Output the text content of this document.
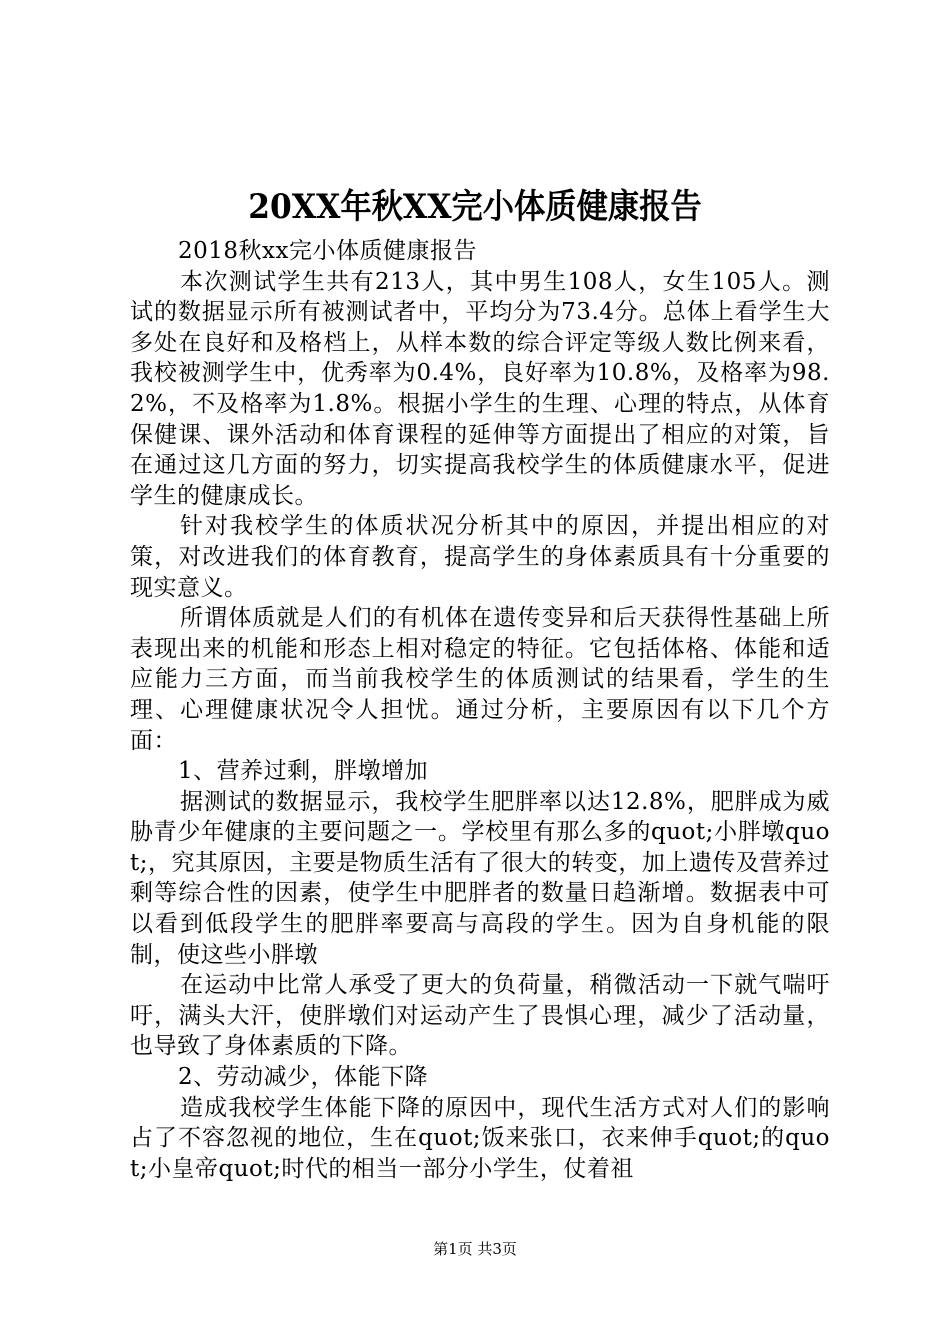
20XX年秋XX完小体质健康报告

2018秋xx完小体质健康报告

本次测试学生共有213人，其中男生108人，女生105人。测试的数据显示所有被测试者中，平均分为73.4分。总体上看学生大多处在良好和及格档上，从样本数的综合评定等级人数比例来看，我校被测学生中，优秀率为0.4%，良好率为10.8%，及格率为98.2%，不及格率为1.8%。根据小学生的生理、心理的特点，从体育保健课、课外活动和体育课程的延伸等方面提出了相应的对策，旨在通过这几方面的努力，切实提高我校学生的体质健康水平，促进学生的健康成长。

针对我校学生的体质状况分析其中的原因，并提出相应的对策，对改进我们的体育教育，提高学生的身体素质具有十分重要的现实意义。

所谓体质就是人们的有机体在遗传变异和后天获得性基础上所表现出来的机能和形态上相对稳定的特征。它包括体格、体能和适应能力三方面，而当前我校学生的体质测试的结果看，学生的生理、心理健康状况令人担忧。通过分析，主要原因有以下几个方面：

1、营养过剩，胖墩增加

据测试的数据显示，我校学生肥胖率以达12.8%，肥胖成为威胁青少年健康的主要问题之一。学校里有那么多的quot;小胖墩quot;，究其原因，主要是物质生活有了很大的转变，加上遗传及营养过剩等综合性的因素，使学生中肥胖者的数量日趋渐增。数据表中可以看到低段学生的肥胖率要高与高段的学生。因为自身机能的限制，使这些小胖墩

在运动中比常人承受了更大的负荷量，稍微活动一下就气喘吁吁，满头大汗，使胖墩们对运动产生了畏惧心理，减少了活动量，也导致了身体素质的下降。

2、劳动减少，体能下降

造成我校学生体能下降的原因中，现代生活方式对人们的影响占了不容忽视的地位，生在quot;饭来张口，衣来伸手quot;的quot;小皇帝quot;时代的相当一部分小学生，仗着祖

第1页 共3页
